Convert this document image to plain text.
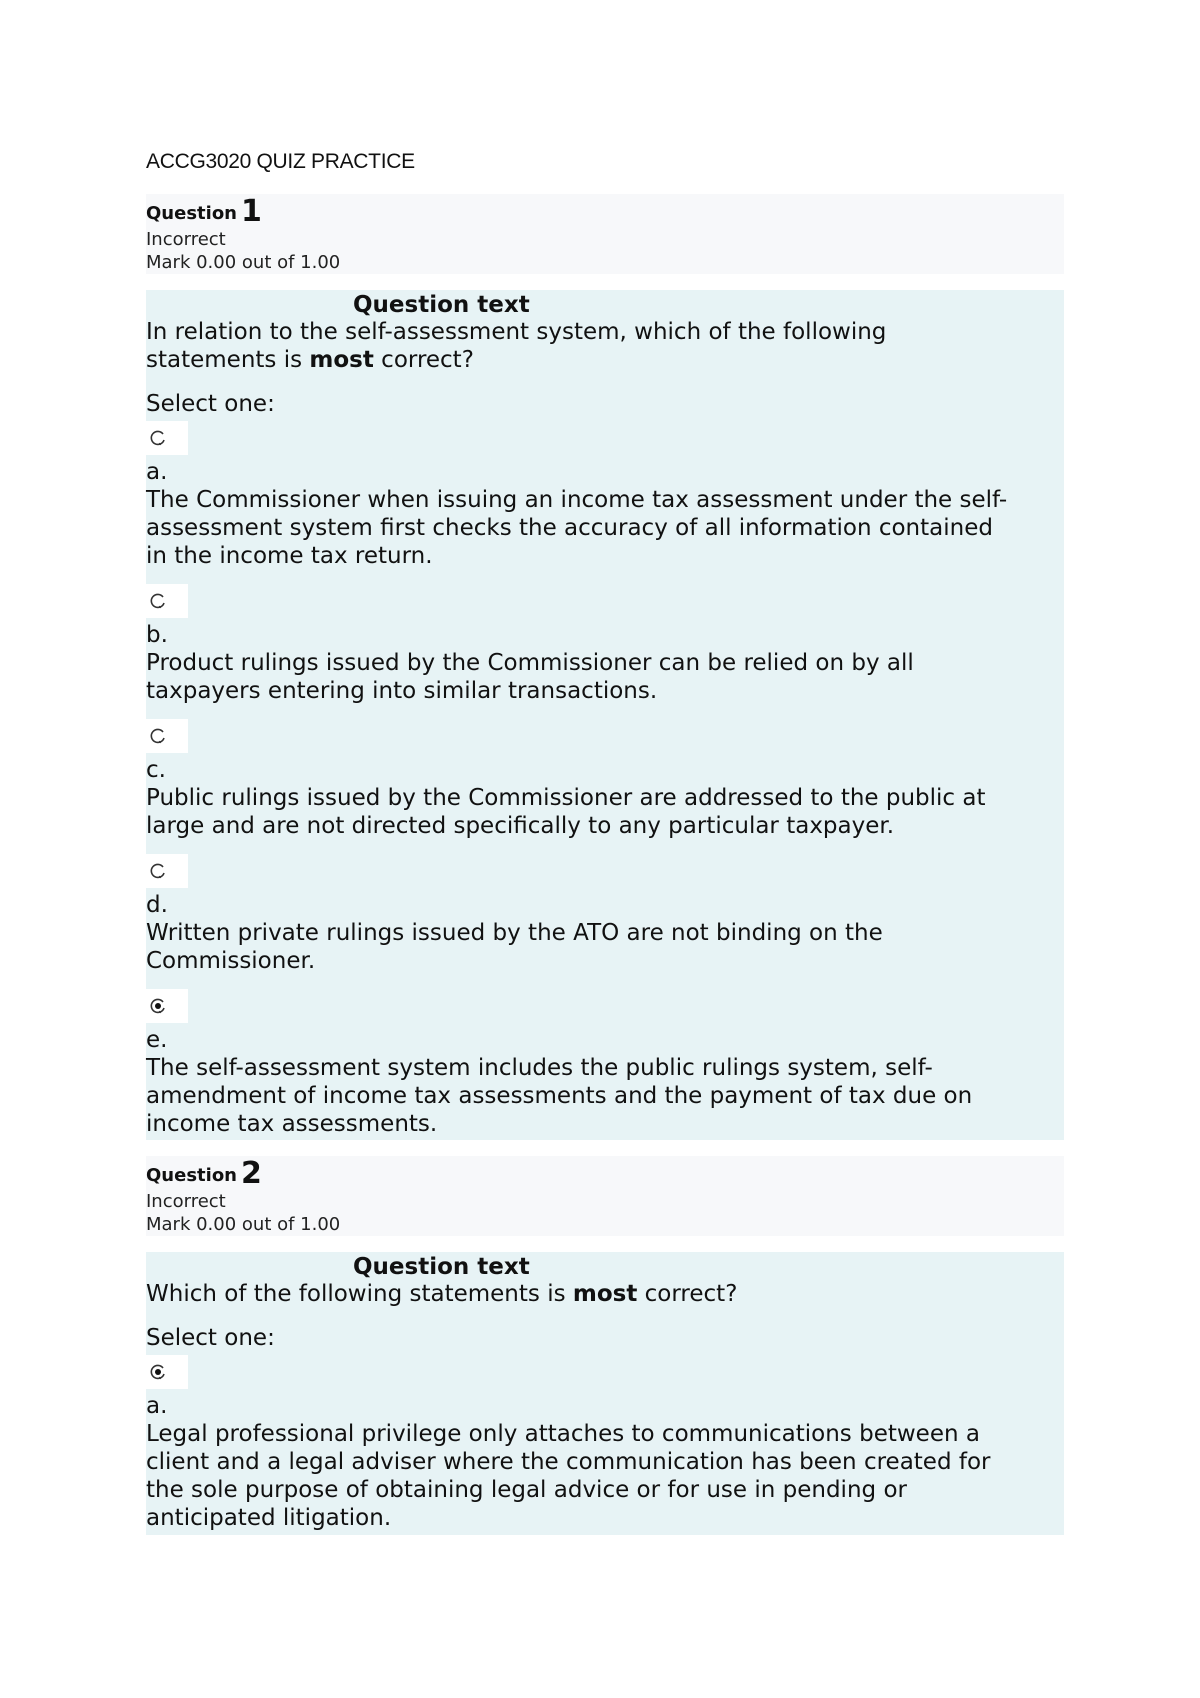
ACCG3020 QUIZ PRACTICE
Question 1
Incorrect
Mark 0.00 out of 1.00
Question text
In relation to the self-assessment system, which of the following
statements is most correct?
Select one:
a.
The Commissioner when issuing an income tax assessment under the self-
assessment system first checks the accuracy of all information contained
in the income tax return.
b.
Product rulings issued by the Commissioner can be relied on by all
taxpayers entering into similar transactions.
c.
Public rulings issued by the Commissioner are addressed to the public at
large and are not directed specifically to any particular taxpayer.
d.
Written private rulings issued by the ATO are not binding on the
Commissioner.
e.
The self-assessment system includes the public rulings system, self-
amendment of income tax assessments and the payment of tax due on
income tax assessments.
Question 2
Incorrect
Mark 0.00 out of 1.00
Question text
Which of the following statements is most correct?
Select one:
a.
Legal professional privilege only attaches to communications between a
client and a legal adviser where the communication has been created for
the sole purpose of obtaining legal advice or for use in pending or
anticipated litigation.
